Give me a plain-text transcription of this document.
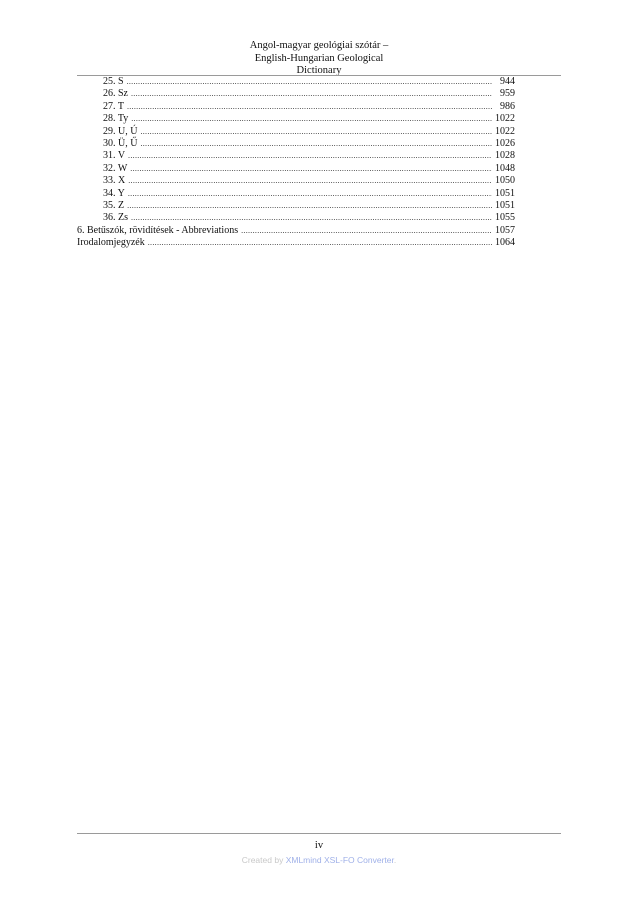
Angol-magyar geológiai szótár –
English-Hungarian Geological
Dictionary
25. S .....	944
26. Sz .....	959
27. T .....	986
28. Ty .....	1022
29. U, Ú .....	1022
30. Ü, Ű .....	1026
31. V .....	1028
32. W .....	1048
33. X .....	1050
34. Y .....	1051
35. Z .....	1051
36. Zs .....	1055
6. Betűszók, rövidítések - Abbreviations .....	1057
Irodalomjegyzék .....	1064
iv
Created by XMLmind XSL-FO Converter.
